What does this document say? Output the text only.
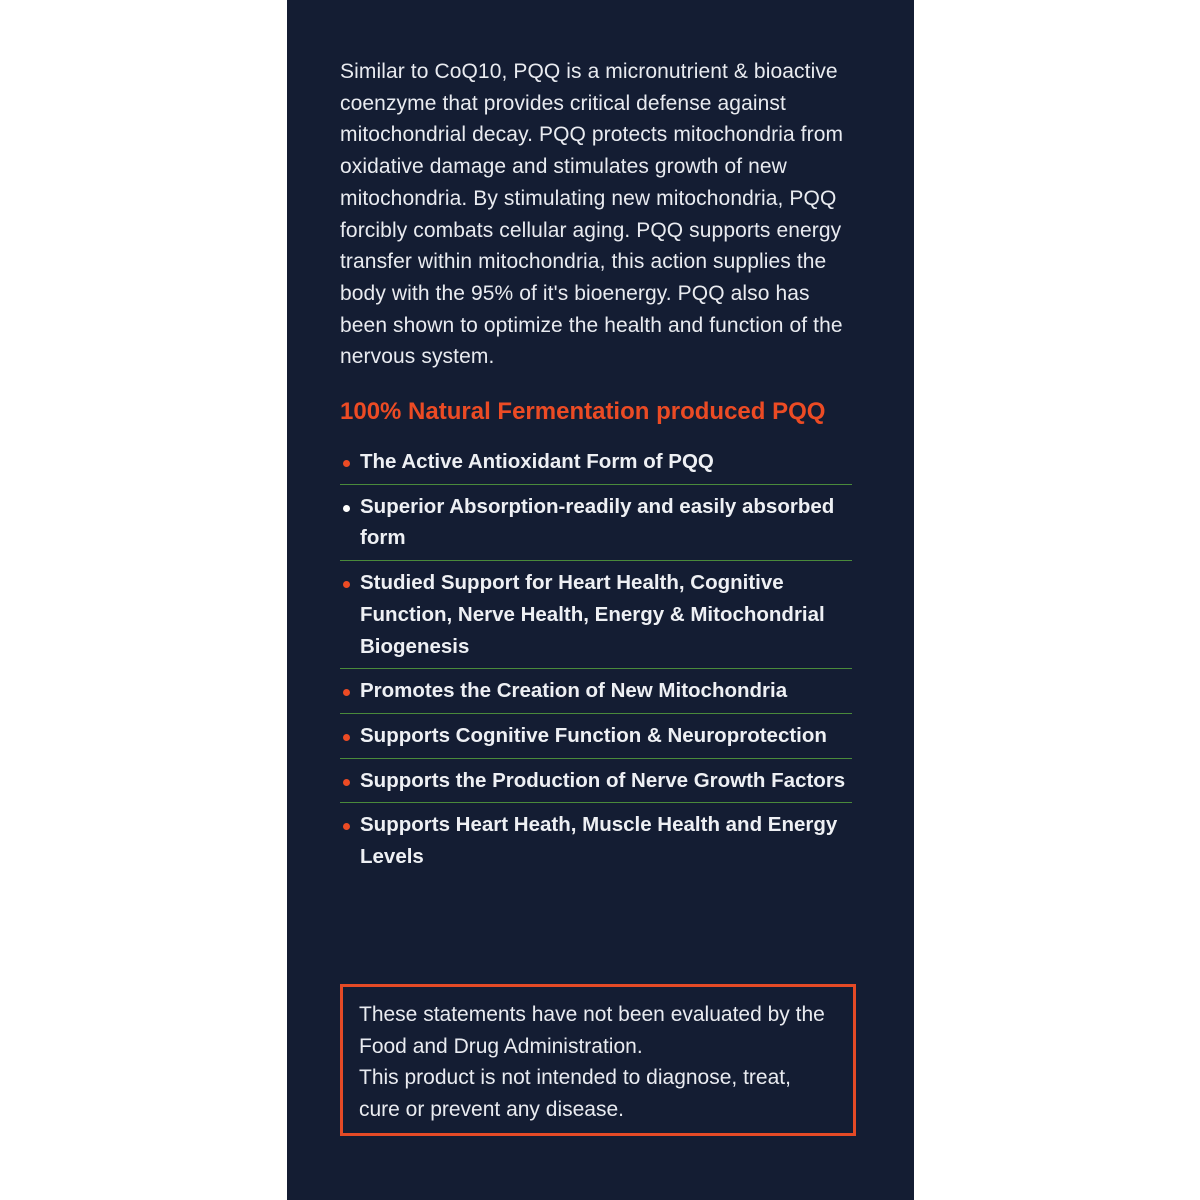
Similar to CoQ10, PQQ is a micronutrient & bioactive coenzyme that provides critical defense against mitochondrial decay. PQQ protects mitochondria from oxidative damage and stimulates growth of new mitochondria. By stimulating new mitochondria, PQQ forcibly combats cellular aging. PQQ supports energy transfer within mitochondria, this action supplies the body with the 95% of it's bioenergy. PQQ also has been shown to optimize the health and function of the nervous system.

100% Natural Fermentation produced PQQ
The Active Antioxidant Form of PQQ
Superior Absorption-readily and easily absorbed form
Studied Support for Heart Health, Cognitive Function, Nerve Health, Energy & Mitochondrial Biogenesis
Promotes the Creation of New Mitochondria
Supports Cognitive Function & Neuroprotection
Supports the Production of Nerve Growth Factors
Supports Heart Heath, Muscle Health and Energy Levels

These statements have not been evaluated by the Food and Drug Administration.

This product is not intended to diagnose, treat, cure or prevent any disease.
